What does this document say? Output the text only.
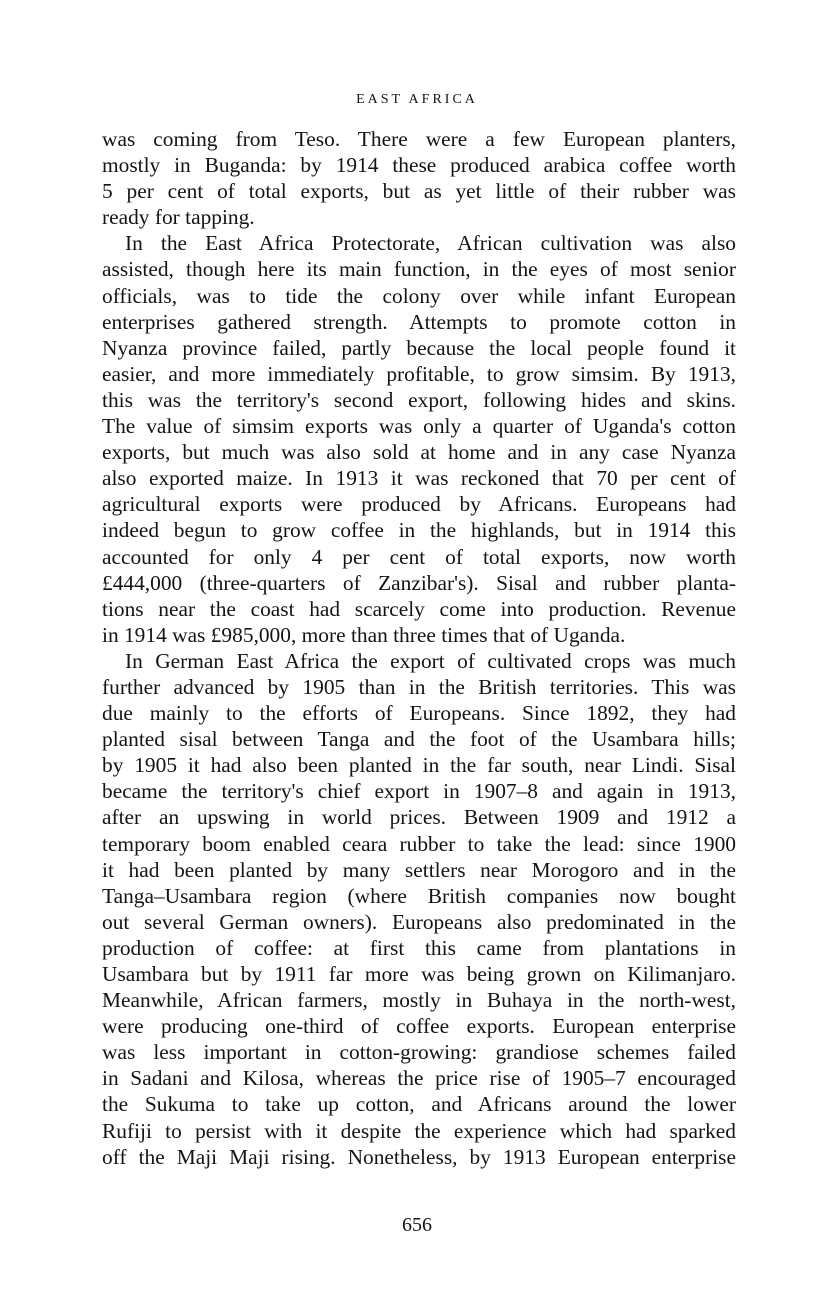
EAST AFRICA
was coming from Teso. There were a few European planters,
mostly in Buganda: by 1914 these produced arabica coffee worth
5 per cent of total exports, but as yet little of their rubber was
ready for tapping.
In the East Africa Protectorate, African cultivation was also
assisted, though here its main function, in the eyes of most senior
officials, was to tide the colony over while infant European
enterprises gathered strength. Attempts to promote cotton in
Nyanza province failed, partly because the local people found it
easier, and more immediately profitable, to grow simsim. By 1913,
this was the territory's second export, following hides and skins.
The value of simsim exports was only a quarter of Uganda's cotton
exports, but much was also sold at home and in any case Nyanza
also exported maize. In 1913 it was reckoned that 70 per cent of
agricultural exports were produced by Africans. Europeans had
indeed begun to grow coffee in the highlands, but in 1914 this
accounted for only 4 per cent of total exports, now worth
£444,000 (three-quarters of Zanzibar's). Sisal and rubber planta-
tions near the coast had scarcely come into production. Revenue
in 1914 was £985,000, more than three times that of Uganda.
In German East Africa the export of cultivated crops was much
further advanced by 1905 than in the British territories. This was
due mainly to the efforts of Europeans. Since 1892, they had
planted sisal between Tanga and the foot of the Usambara hills;
by 1905 it had also been planted in the far south, near Lindi. Sisal
became the territory's chief export in 1907–8 and again in 1913,
after an upswing in world prices. Between 1909 and 1912 a
temporary boom enabled ceara rubber to take the lead: since 1900
it had been planted by many settlers near Morogoro and in the
Tanga–Usambara region (where British companies now bought
out several German owners). Europeans also predominated in the
production of coffee: at first this came from plantations in
Usambara but by 1911 far more was being grown on Kilimanjaro.
Meanwhile, African farmers, mostly in Buhaya in the north-west,
were producing one-third of coffee exports. European enterprise
was less important in cotton-growing: grandiose schemes failed
in Sadani and Kilosa, whereas the price rise of 1905–7 encouraged
the Sukuma to take up cotton, and Africans around the lower
Rufiji to persist with it despite the experience which had sparked
off the Maji Maji rising. Nonetheless, by 1913 European enterprise
656
